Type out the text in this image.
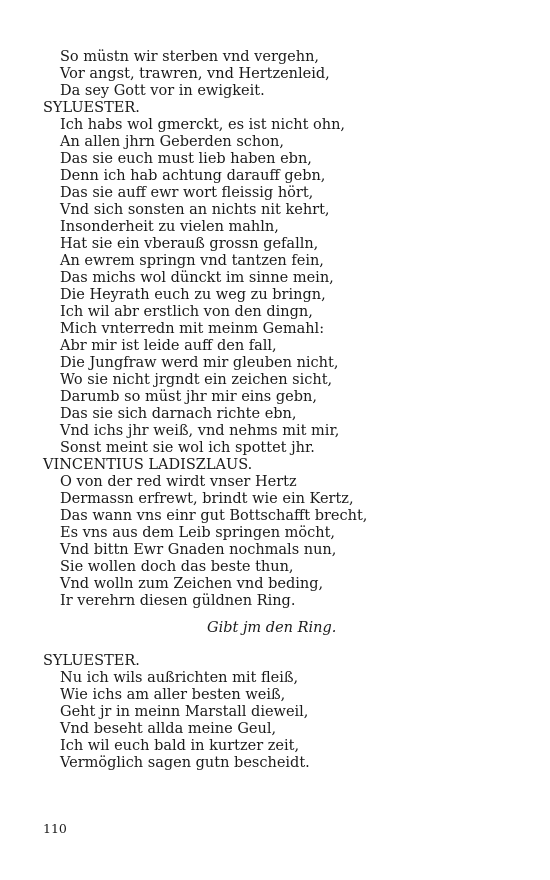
So müstn wir sterben vnd vergehn,
Vor angst, trawren, vnd Hertzenleid,
Da sey Gott vor in ewigkeit.
SYLUESTER.
Ich habs wol gmerckt, es ist nicht ohn,
An allen jhrn Geberden schon,
Das sie euch must lieb haben ebn,
Denn ich hab achtung darauff gebn,
Das sie auff ewr wort fleissig hört,
Vnd sich sonsten an nichts nit kehrt,
Insonderheit zu vielen mahln,
Hat sie ein vberauß grossn gefalln,
An ewrem springn vnd tantzen fein,
Das michs wol dünckt im sinne mein,
Die Heyrath euch zu weg zu bringn,
Ich wil abr erstlich von den dingn,
Mich vnterredn mit meinm Gemahl:
Abr mir ist leide auff den fall,
Die Jungfraw werd mir gleuben nicht,
Wo sie nicht jrgndt ein zeichen sicht,
Darumb so müst jhr mir eins gebn,
Das sie sich darnach richte ebn,
Vnd ichs jhr weiß, vnd nehms mit mir,
Sonst meint sie wol ich spottet jhr.
VINCENTIUS LADISZLAUS.
O von der red wirdt vnser Hertz
Dermassn erfrewt, brindt wie ein Kertz,
Das wann vns einr gut Bottschafft brecht,
Es vns aus dem Leib springen möcht,
Vnd bittn Ewr Gnaden nochmals nun,
Sie wollen doch das beste thun,
Vnd wolln zum Zeichen vnd beding,
Ir verehrn diesen güldnen Ring.
Gibt jm den Ring.
SYLUESTER.
Nu ich wils außrichten mit fleiß,
Wie ichs am aller besten weiß,
Geht jr in meinn Marstall dieweil,
Vnd beseht allda meine Geul,
Ich wil euch bald in kurtzer zeit,
Vermöglich sagen gutn bescheidt.
110
